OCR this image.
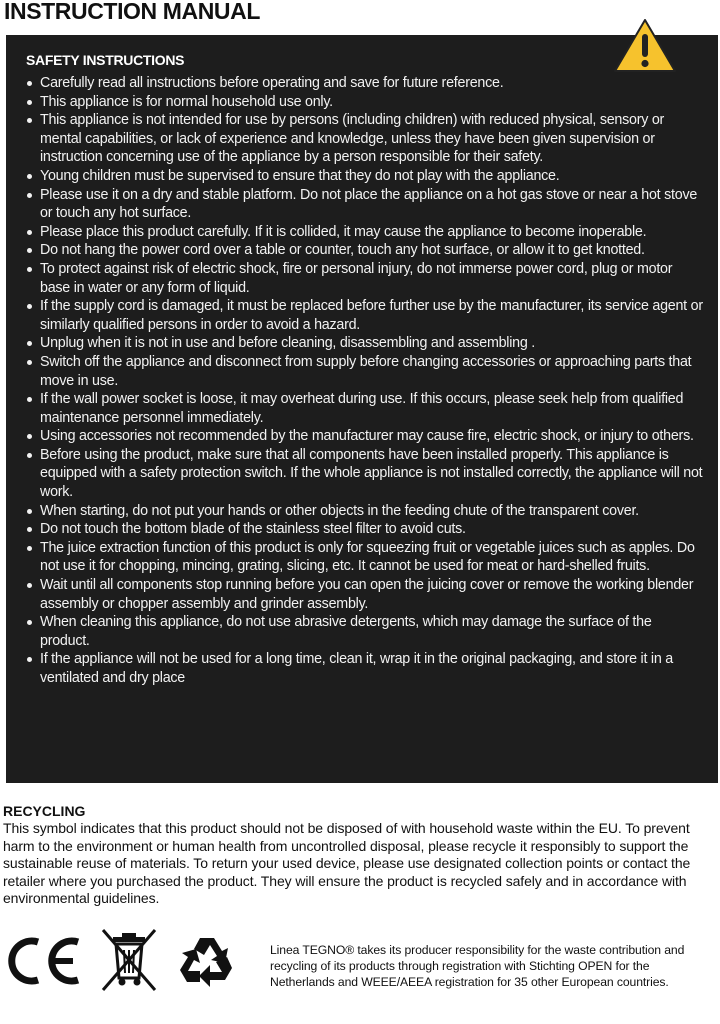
INSTRUCTION MANUAL
SAFETY INSTRUCTIONS
Carefully read all instructions before operating and save for future reference.
This appliance is for normal household use only.
This appliance is not intended for use by persons (including children) with reduced physical, sensory or mental capabilities, or lack of experience and knowledge, unless they have been given supervision or instruction concerning use of the appliance by a person responsible for their safety.
Young children must be supervised to ensure that they do not play with the appliance.
Please use it on a dry and stable platform. Do not place the appliance on a hot gas stove or near a hot stove or touch any hot surface.
Please place this product carefully. If it is collided, it may cause the appliance to become inoperable.
Do not hang the power cord over a table or counter, touch any hot surface, or allow it to get knotted.
To protect against risk of electric shock, fire or personal injury, do not immerse power cord, plug or motor base in water or any form of liquid.
If the supply cord is damaged, it must be replaced before further use by the manufacturer, its service agent or similarly qualified persons in order to avoid a hazard.
Unplug when it is not in use and before cleaning, disassembling and assembling .
Switch off the appliance and disconnect from supply before changing accessories or approaching parts that move in use.
If the wall power socket is loose, it may overheat during use. If this occurs, please seek help from qualified maintenance personnel immediately.
Using accessories not recommended by the manufacturer may cause fire, electric shock, or injury to others.
Before using the product, make sure that all components have been installed properly. This appliance is equipped with a safety protection switch. If the whole appliance is not installed correctly, the appliance will not work.
When starting, do not put your hands or other objects in the feeding chute of the transparent cover.
Do not touch the bottom blade of the stainless steel filter to avoid cuts.
The juice extraction function of this product is only for squeezing fruit or vegetable juices such as apples. Do not use it for chopping, mincing, grating, slicing, etc. It cannot be used for meat or hard-shelled fruits.
Wait until all components stop running before you can open the juicing cover or remove the working blender assembly or chopper assembly and grinder assembly.
When cleaning this appliance, do not use abrasive detergents, which may damage the surface of the product.
If the appliance will not be used for a long time, clean it, wrap it in the original packaging, and store it in a ventilated and dry place
RECYCLING

This symbol indicates that this product should not be disposed of with household waste within the EU. To prevent harm to the environment or human health from uncontrolled disposal, please recycle it responsibly to support the sustainable reuse of materials. To return your used device, please use designated collection points or contact the retailer where you purchased the product. They will ensure the product is recycled safely and in accordance with environmental guidelines.

Linea TEGNO® takes its producer responsibility for the waste contribution and recycling of its products through registration with Stichting OPEN for the Netherlands and WEEE/AEEA registration for 35 other European countries.
